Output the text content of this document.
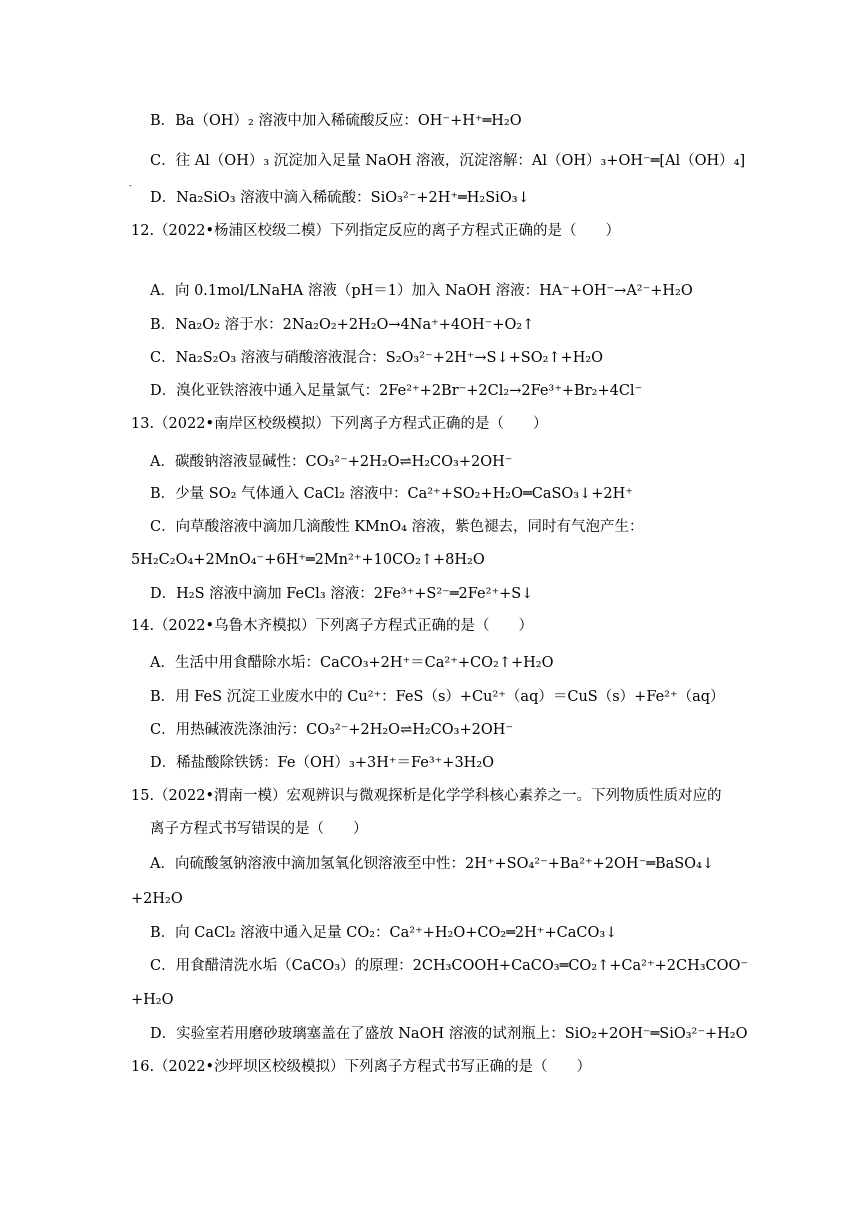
B．Ba（OH）₂ 溶液中加入稀硫酸反应：OH⁻+H⁺═H₂O
C．往 Al（OH）₃ 沉淀加入足量 NaOH 溶液，沉淀溶解：Al（OH）₃+OH⁻═[Al（OH）₄]
-
D．Na₂SiO₃ 溶液中滴入稀硫酸：SiO₃²⁻+2H⁺═H₂SiO₃↓
12.（2022•杨浦区校级二模）下列指定反应的离子方程式正确的是（　　）
A．向 0.1mol/LNaHA 溶液（pH＝1）加入 NaOH 溶液：HA⁻+OH⁻→A²⁻+H₂O
B．Na₂O₂ 溶于水：2Na₂O₂+2H₂O→4Na⁺+4OH⁻+O₂↑
C．Na₂S₂O₃ 溶液与硝酸溶液混合：S₂O₃²⁻+2H⁺→S↓+SO₂↑+H₂O
D．溴化亚铁溶液中通入足量氯气：2Fe²⁺+2Br⁻+2Cl₂→2Fe³⁺+Br₂+4Cl⁻
13.（2022•南岸区校级模拟）下列离子方程式正确的是（　　）
A．碳酸钠溶液显碱性：CO₃²⁻+2H₂O⇌H₂CO₃+2OH⁻
B．少量 SO₂ 气体通入 CaCl₂ 溶液中：Ca²⁺+SO₂+H₂O═CaSO₃↓+2H⁺
C．向草酸溶液中滴加几滴酸性 KMnO₄ 溶液，紫色褪去，同时有气泡产生：
5H₂C₂O₄+2MnO₄⁻+6H⁺═2Mn²⁺+10CO₂↑+8H₂O
D．H₂S 溶液中滴加 FeCl₃ 溶液：2Fe³⁺+S²⁻═2Fe²⁺+S↓
14.（2022•乌鲁木齐模拟）下列离子方程式正确的是（　　）
A．生活中用食醋除水垢：CaCO₃+2H⁺＝Ca²⁺+CO₂↑+H₂O
B．用 FeS 沉淀工业废水中的 Cu²⁺：FeS（s）+Cu²⁺（aq）＝CuS（s）+Fe²⁺（aq）
C．用热碱液洗涤油污：CO₃²⁻+2H₂O⇌H₂CO₃+2OH⁻
D．稀盐酸除铁锈：Fe（OH）₃+3H⁺＝Fe³⁺+3H₂O
15.（2022•渭南一模）宏观辨识与微观探析是化学学科核心素养之一。下列物质性质对应的
离子方程式书写错误的是（　　）
A．向硫酸氢钠溶液中滴加氢氧化钡溶液至中性：2H⁺+SO₄²⁻+Ba²⁺+2OH⁻═BaSO₄↓
+2H₂O
B．向 CaCl₂ 溶液中通入足量 CO₂：Ca²⁺+H₂O+CO₂═2H⁺+CaCO₃↓
C．用食醋清洗水垢（CaCO₃）的原理：2CH₃COOH+CaCO₃═CO₂↑+Ca²⁺+2CH₃COO⁻
+H₂O
D．实验室若用磨砂玻璃塞盖在了盛放 NaOH 溶液的试剂瓶上：SiO₂+2OH⁻═SiO₃²⁻+H₂O
16.（2022•沙坪坝区校级模拟）下列离子方程式书写正确的是（　　）
